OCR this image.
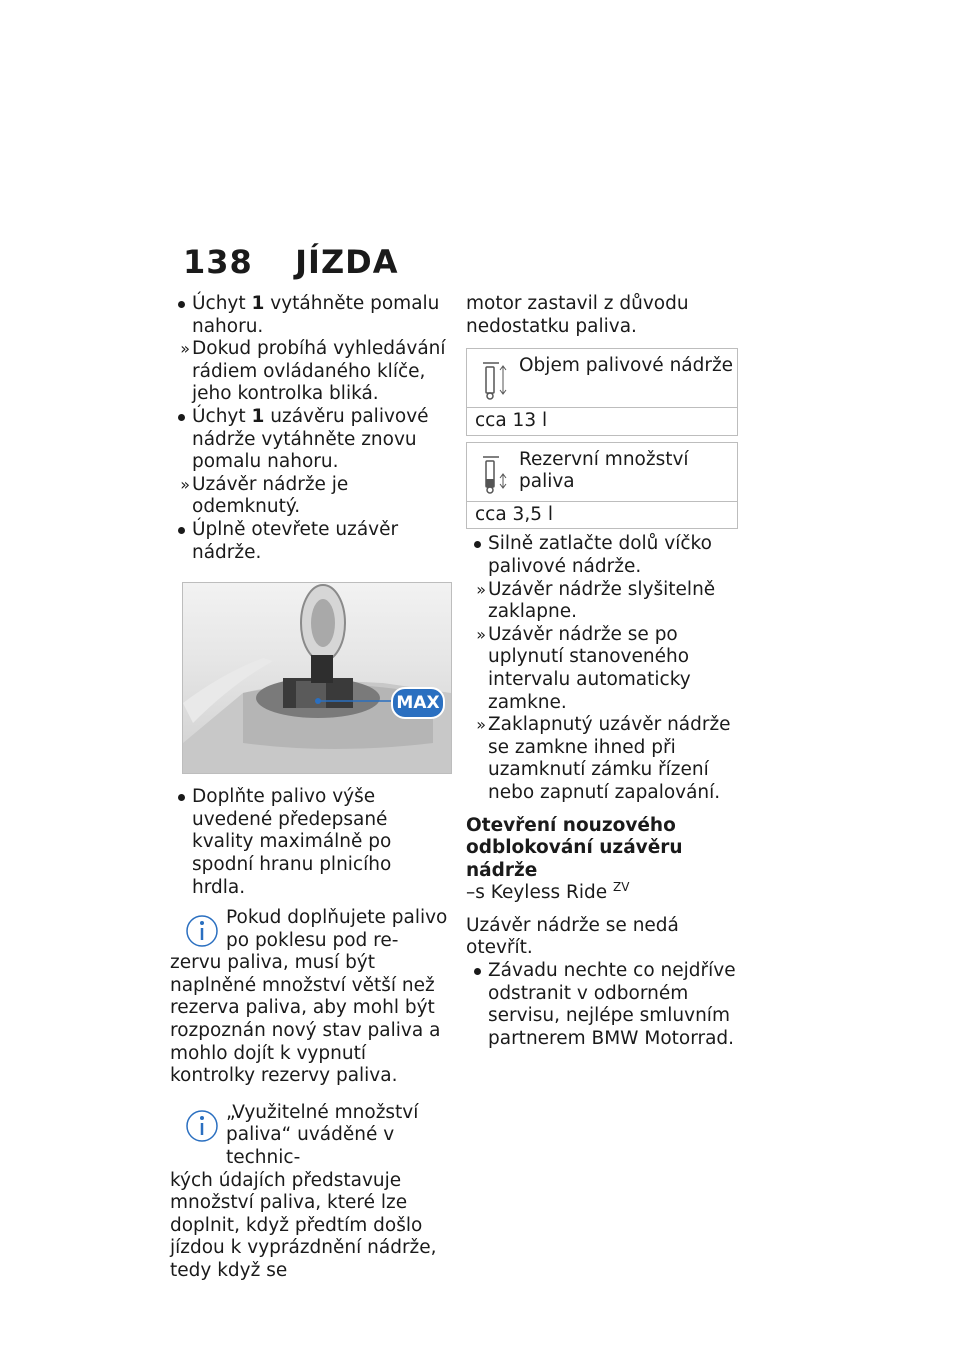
138 JÍZDA
Úchyt 1 vytáhněte pomalu nahoru.
» Dokud probíhá vyhledávání rádiem ovládaného klíče, jeho kontrolka bliká.
Úchyt 1 uzávěru palivové nádrže vytáhněte znovu pomalu nahoru.
» Uzávěr nádrže je odemknutý.
Úplně otevřete uzávěr nádrže.
MAX
Doplňte palivo výše uvedené předepsané kvality maximálně po spodní hranu plnicího hrdla.
Pokud doplňujete palivo po poklesu pod re-
zervu paliva, musí být naplněné množství větší než rezerva paliva, aby mohl být rozpoznán nový stav paliva a mohlo dojít k vypnutí kontrolky rezervy paliva.
„Využitelné množství paliva“ uváděné v technic-
kých údajích představuje množství paliva, které lze doplnit, když předtím došlo jízdou k vyprázdnění nádrže, tedy když se
motor zastavil z důvodu nedostatku paliva.
Objem palivové nádrže
cca 13 l
Rezervní množství paliva
cca 3,5 l
Silně zatlačte dolů víčko palivové nádrže.
» Uzávěr nádrže slyšitelně zaklapne.
» Uzávěr nádrže se po uplynutí stanoveného intervalu automaticky zamkne.
» Zaklapnutý uzávěr nádrže se zamkne ihned při uzamknutí zámku řízení nebo zapnutí zapalování.
Otevření nouzového odblokování uzávěru nádrže
–s Keyless Ride $^{ZV}$
Uzávěr nádrže se nedá otevřít.
Závadu nechte co nejdříve odstranit v odborném servisu, nejlépe smluvním partnerem BMW Motorrad.
